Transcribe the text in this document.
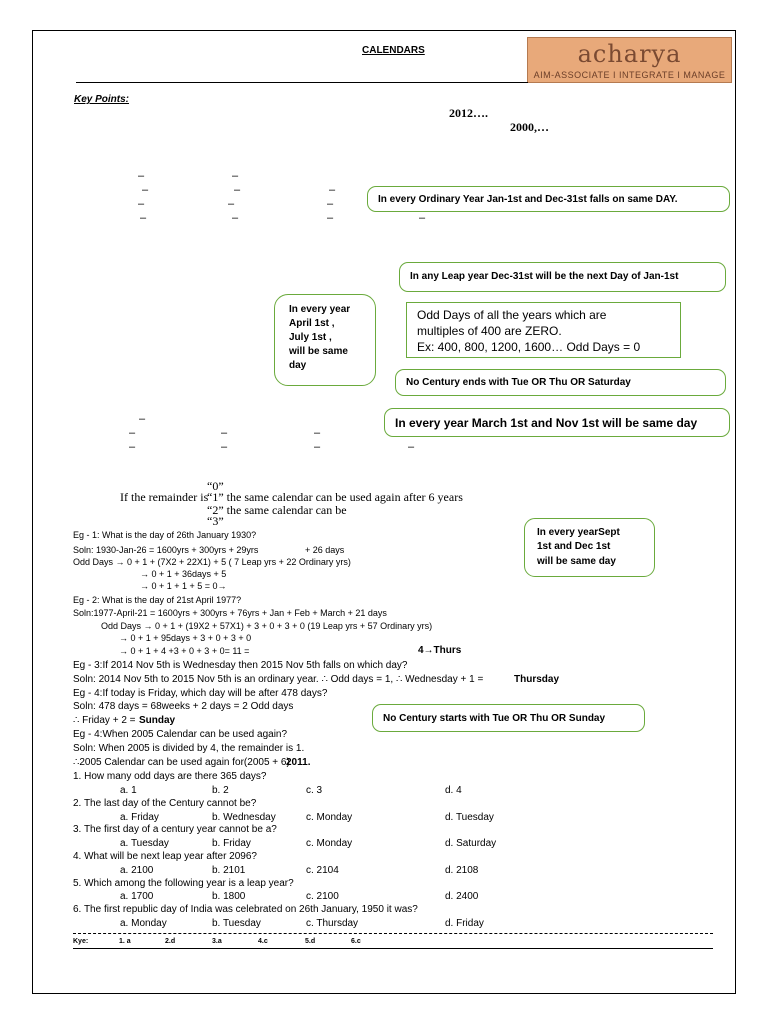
CALENDARS	acharya
AIM-ASSOCIATE I INTEGRATE I MANAGE
Key Points:
2012….
2000,…
–	–
–	–	–
–	–	–
–	–	–	–
In every Ordinary Year Jan-1st and Dec-31st falls on same DAY.
In any Leap year Dec-31st will be the next Day of Jan-1st
In every year
April 1st ,
July 1st ,
will be same
day
Odd Days of all the years which are
multiples of 400 are ZERO.
Ex: 400, 800, 1200, 1600… Odd Days = 0
No Century ends with Tue OR Thu OR Saturday
In every year March 1st and Nov 1st will be same day
–
–	–	–
–	–	–	–
“0”
If the remainder is
“1” the same calendar can be used again after 6 years
“2” the same calendar can be
“3”
In every yearSept
1st and Dec 1st
will be same day
Eg - 1: What is the day of 26th January 1930?
Soln: 1930-Jan-26 = 1600yrs + 300yrs + 29yrs	+ 26 days
Odd Days → 0 + 1 + (7X2 + 22X1) + 5 ( 7 Leap yrs + 22 Ordinary yrs)
→ 0 + 1 + 36days + 5
→ 0 + 1 + 1 + 5 = 0→
Eg - 2: What is the day of 21st April 1977?
Soln:1977-April-21 = 1600yrs + 300yrs + 76yrs + Jan + Feb + March + 21 days
Odd Days → 0 + 1 + (19X2 + 57X1) + 3 + 0 + 3 + 0 (19 Leap yrs + 57 Ordinary yrs)
→ 0 + 1 + 95days + 3 + 0 + 3 + 0
→ 0 + 1 + 4 +3 + 0 + 3 + 0= 11 =	4→Thurs
Eg - 3:If 2014 Nov 5th is Wednesday then 2015 Nov 5th falls on which day?
Soln: 2014 Nov 5th to 2015 Nov 5th is an ordinary year. ∴ Odd days = 1, ∴ Wednesday + 1 =	Thursday
Eg - 4:If today is Friday, which day will be after 478 days?
Soln: 478 days = 68weeks + 2 days = 2 Odd days
∴ Friday + 2 = Sunday	No Century starts with Tue OR Thu OR Sunday
Eg - 4:When 2005 Calendar can be used again?
Soln: When 2005 is divided by 4, the remainder is 1.
∴2005 Calendar can be used again for(2005 + 6)
2011.
1. How many odd days are there 365 days?
a. 1	b. 2	c. 3	d. 4
2. The last day of the Century cannot be?
a. Friday	b. Wednesday	c. Monday	d. Tuesday
3. The first day of a century year cannot be a?
a. Tuesday	b. Friday	c. Monday	d. Saturday
4. What will be next leap year after 2096?
a. 2100	b. 2101	c. 2104	d. 2108
5. Which among the following year is a leap year?
a. 1700	b. 1800	c. 2100	d. 2400
6. The first republic day of India was celebrated on 26th January, 1950 it was?
a. Monday	b. Tuesday	c. Thursday	d. Friday
Kye:	1. a	2.d	3.a	4.c	5.d	6.c
